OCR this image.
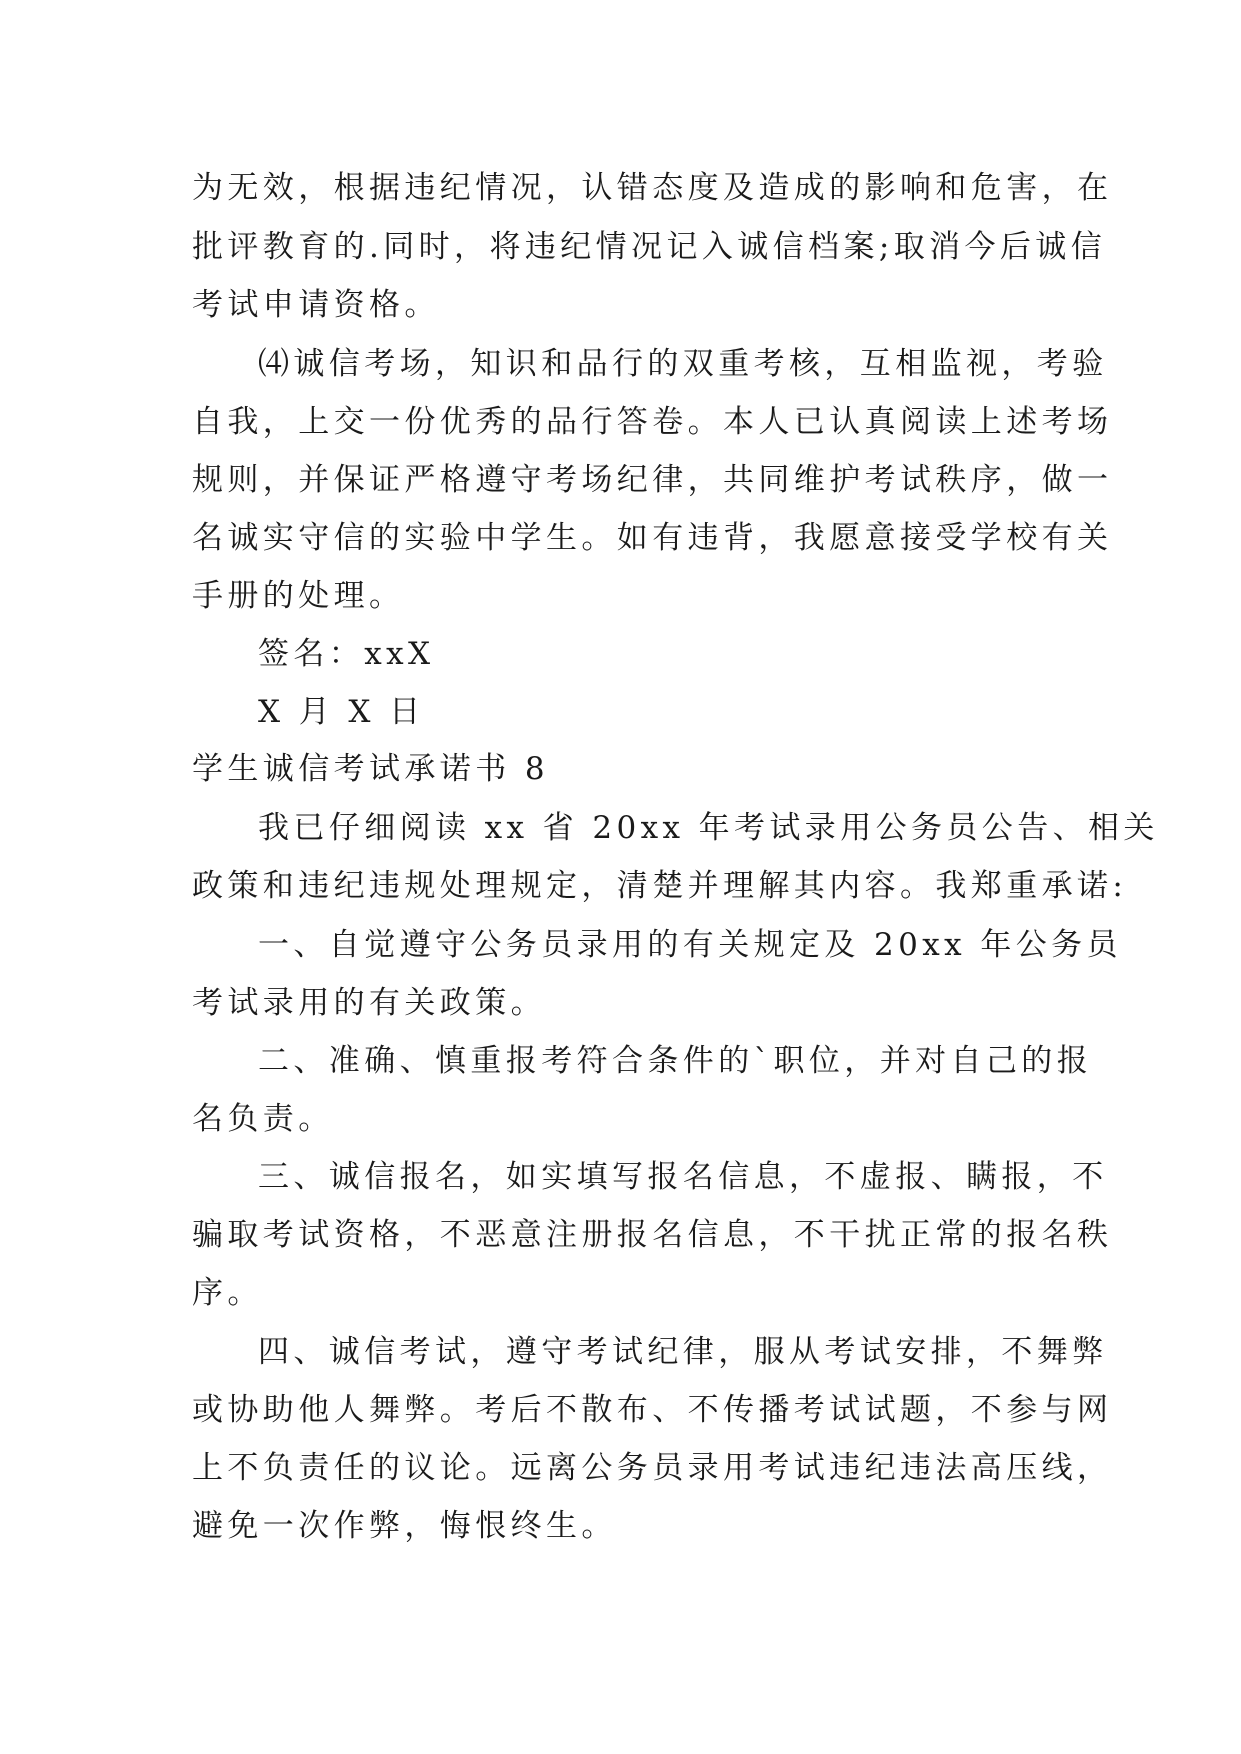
为无效，根据违纪情况，认错态度及造成的影响和危害，在
批评教育的.同时，将违纪情况记入诚信档案;取消今后诚信
考试申请资格。
⑷诚信考场，知识和品行的双重考核，互相监视，考验
自我，上交一份优秀的品行答卷。本人已认真阅读上述考场
规则，并保证严格遵守考场纪律，共同维护考试秩序，做一
名诚实守信的实验中学生。如有违背，我愿意接受学校有关
手册的处理。
签名：xxX
X 月 X 日
学生诚信考试承诺书 8
我已仔细阅读 xx 省 20xx 年考试录用公务员公告、相关
政策和违纪违规处理规定，清楚并理解其内容。我郑重承诺:
一、自觉遵守公务员录用的有关规定及 20xx 年公务员
考试录用的有关政策。
二、准确、慎重报考符合条件的`职位，并对自己的报
名负责。
三、诚信报名，如实填写报名信息，不虚报、瞒报，不
骗取考试资格，不恶意注册报名信息，不干扰正常的报名秩
序。
四、诚信考试，遵守考试纪律，服从考试安排，不舞弊
或协助他人舞弊。考后不散布、不传播考试试题，不参与网
上不负责任的议论。远离公务员录用考试违纪违法高压线，
避免一次作弊，悔恨终生。
